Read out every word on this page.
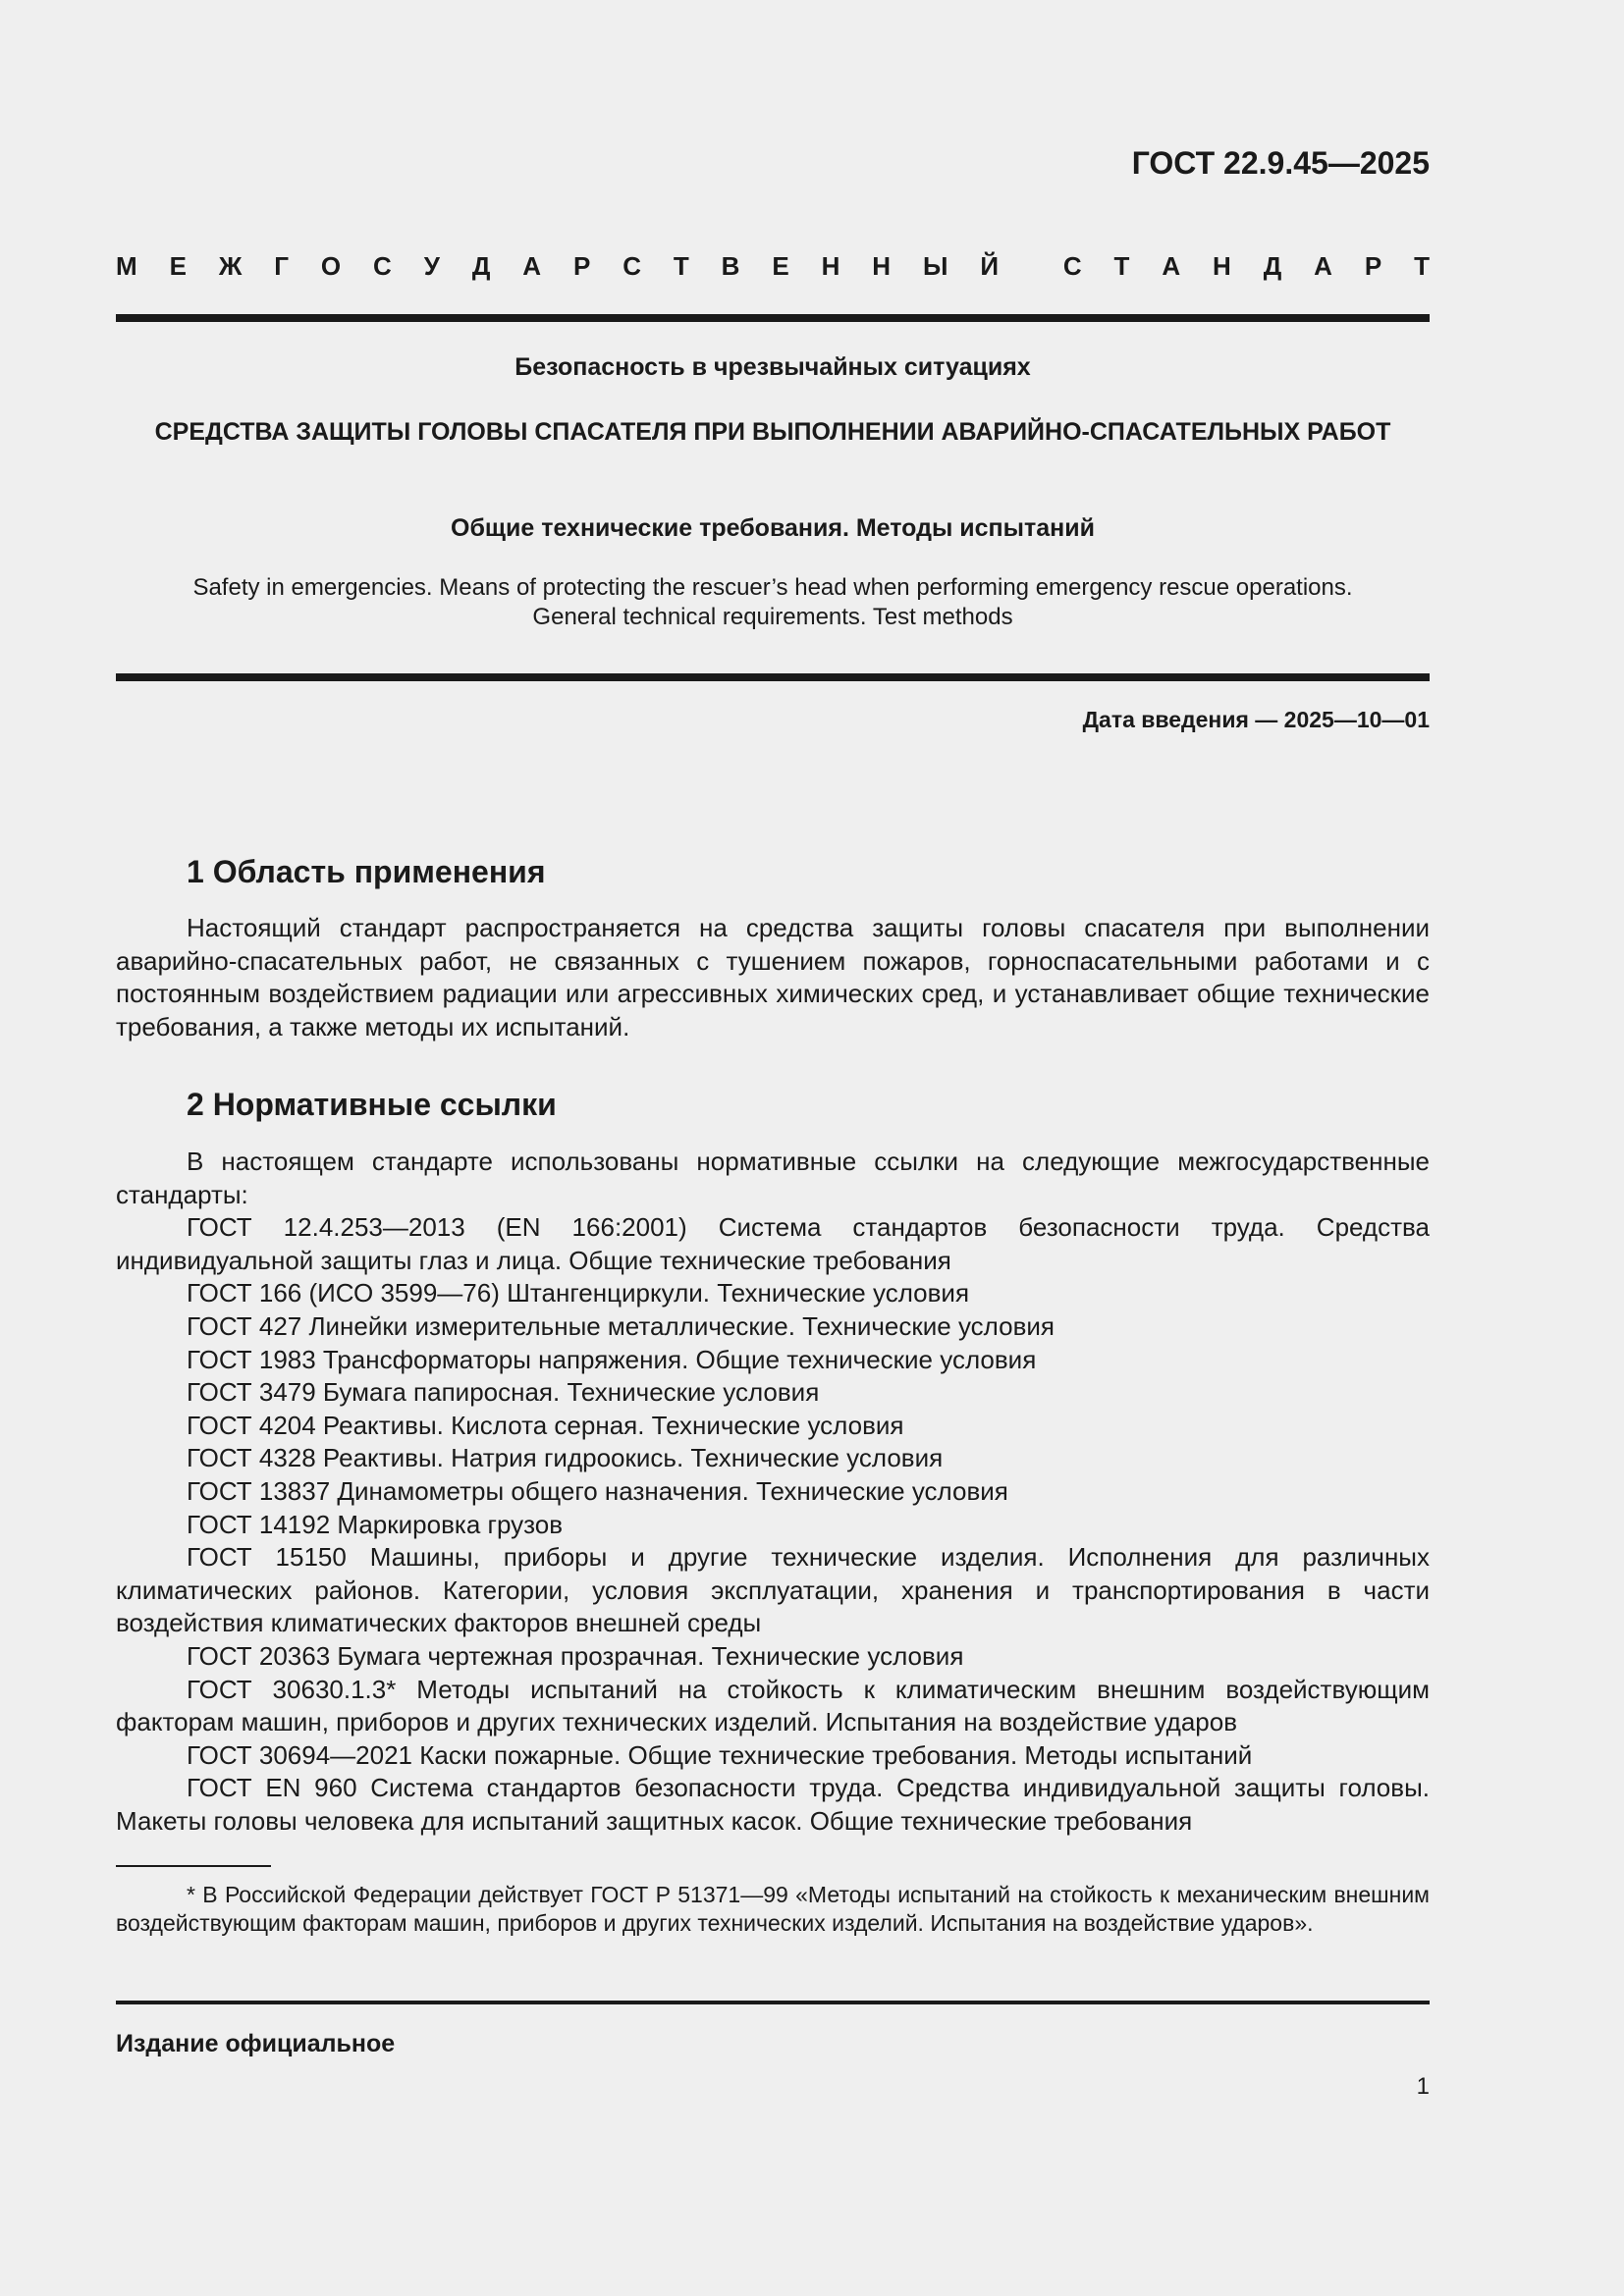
ГОСТ 22.9.45—2025
М Е Ж Г О С У Д А Р С Т В Е Н Н Ы Й	С Т А Н Д А Р Т
Безопасность в чрезвычайных ситуациях
СРЕДСТВА ЗАЩИТЫ ГОЛОВЫ СПАСАТЕЛЯ ПРИ ВЫПОЛНЕНИИ АВАРИЙНО-СПАСАТЕЛЬНЫХ РАБОТ
Общие технические требования. Методы испытаний
Safety in emergencies. Means of protecting the rescuer’s head when performing emergency rescue operations.
General technical requirements. Test methods
Дата введения — 2025—10—01
1 Область применения

Настоящий стандарт распространяется на средства защиты головы спасателя при выполнении аварийно-спасательных работ, не связанных с тушением пожаров, горноспасательными работами и с постоянным воздействием радиации или агрессивных химических сред, и устанавливает общие технические требования, а также методы их испытаний.

2 Нормативные ссылки

В настоящем стандарте использованы нормативные ссылки на следующие межгосударственные стандарты:

ГОСТ 12.4.253—2013 (EN 166:2001) Система стандартов безопасности труда. Средства индивидуальной защиты глаз и лица. Общие технические требования

ГОСТ 166 (ИСО 3599—76) Штангенциркули. Технические условия

ГОСТ 427 Линейки измерительные металлические. Технические условия

ГОСТ 1983 Трансформаторы напряжения. Общие технические условия

ГОСТ 3479 Бумага папиросная. Технические условия

ГОСТ 4204 Реактивы. Кислота серная. Технические условия

ГОСТ 4328 Реактивы. Натрия гидроокись. Технические условия

ГОСТ 13837 Динамометры общего назначения. Технические условия

ГОСТ 14192 Маркировка грузов

ГОСТ 15150 Машины, приборы и другие технические изделия. Исполнения для различных климатических районов. Категории, условия эксплуатации, хранения и транспортирования в части воздействия климатических факторов внешней среды

ГОСТ 20363 Бумага чертежная прозрачная. Технические условия

ГОСТ 30630.1.3* Методы испытаний на стойкость к климатическим внешним воздействующим факторам машин, приборов и других технических изделий. Испытания на воздействие ударов

ГОСТ 30694—2021 Каски пожарные. Общие технические требования. Методы испытаний

ГОСТ EN 960 Система стандартов безопасности труда. Средства индивидуальной защиты головы. Макеты головы человека для испытаний защитных касок. Общие технические требования

* В Российской Федерации действует ГОСТ Р 51371—99 «Методы испытаний на стойкость к механическим внешним воздействующим факторам машин, приборов и других технических изделий. Испытания на воздействие ударов».
Издание официальное
1
